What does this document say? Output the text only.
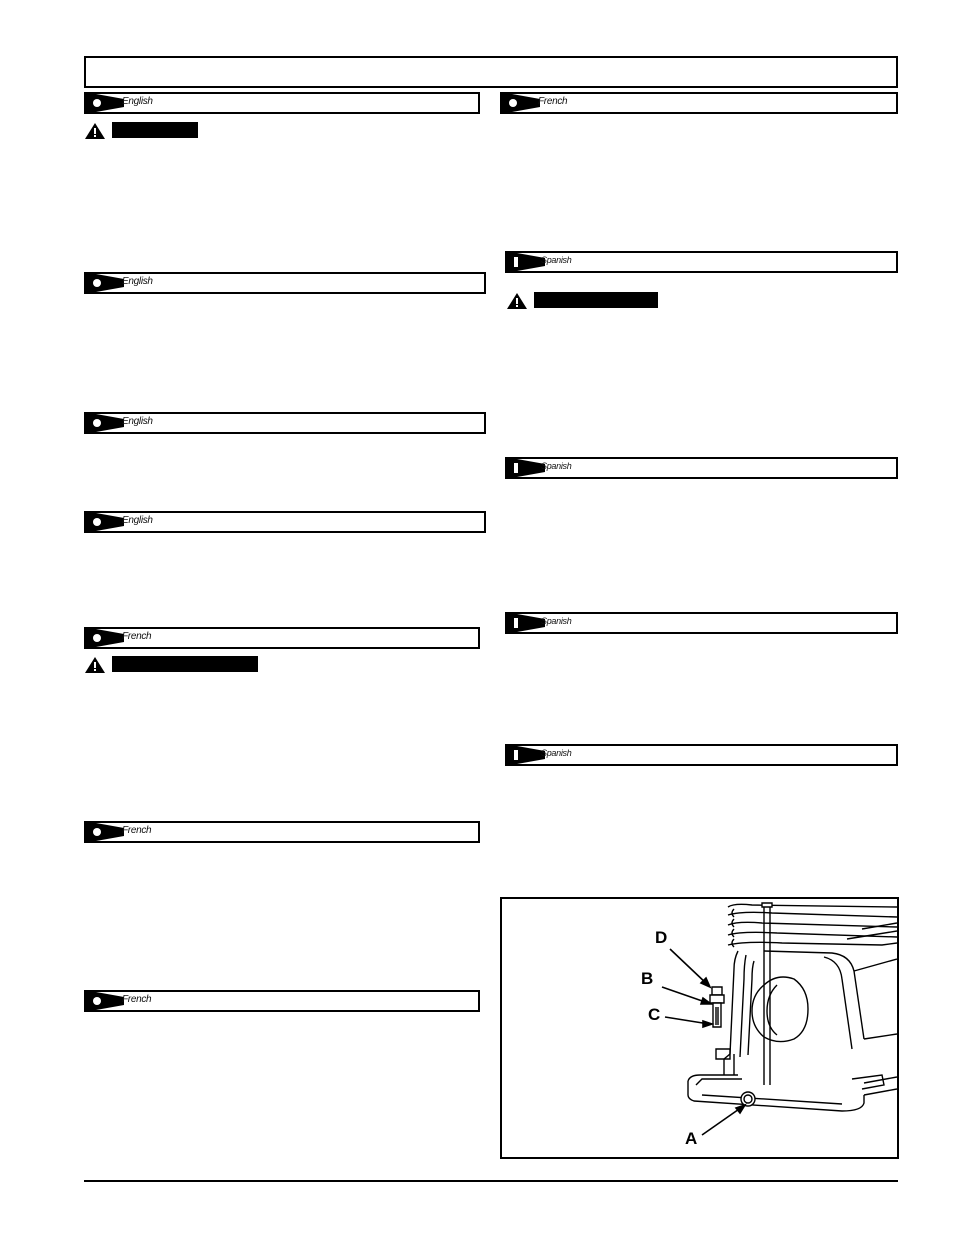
English
English
English
English
French
French
French
French
Spanish
Spanish
Spanish
Spanish
D
B
C
A
